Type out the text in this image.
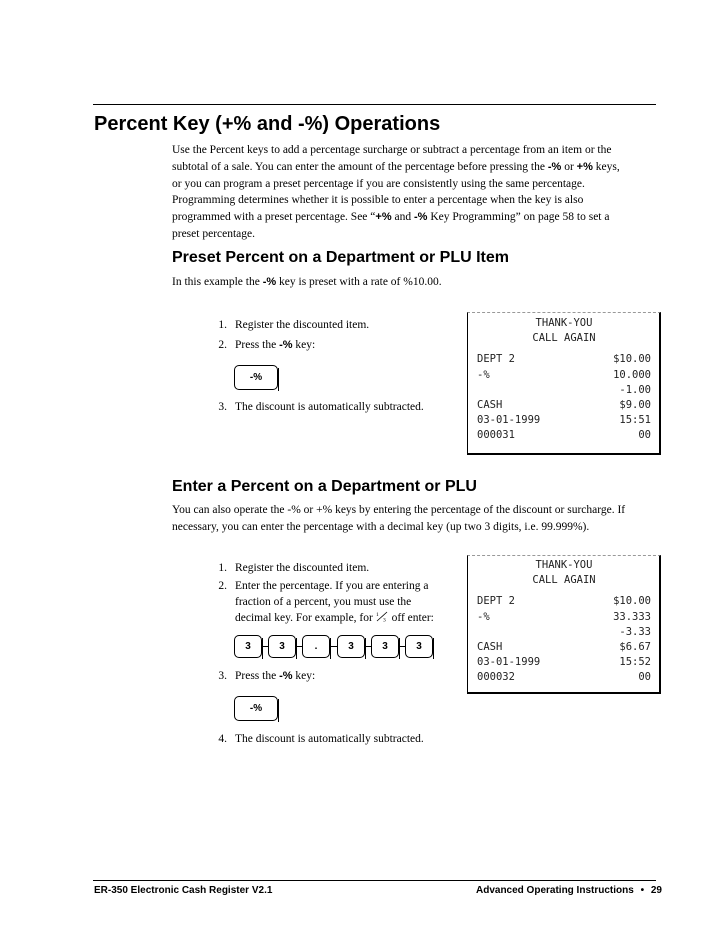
Percent Key (+% and -%) Operations
Use the Percent keys to add a percentage surcharge or subtract a percentage from an item or the
subtotal of a sale. You can enter the amount of the percentage before pressing the -% or +% keys,
or you can program a preset percentage if you are consistently using the same percentage.
Programming determines whether it is possible to enter a percentage when the key is also
programmed with a preset percentage. See “+% and -% Key Programming” on page 58 to set a
preset percentage.
Preset Percent on a Department or PLU Item
In this example the -% key is preset with a rate of %10.00.
1. Register the discounted item.
2. Press the -% key:
-%
3. The discount is automatically subtracted.
THANK-YOU
CALL AGAIN
DEPT 2	$10.00
-%	10.000
-1.00
CASH	$9.00
03-01-1999	15:51
000031	00
Enter a Percent on a Department or PLU
You can also operate the -% or +% keys by entering the percentage of the discount or surcharge. If
necessary, you can enter the percentage with a decimal key (up two 3 digits, i.e. 99.999%).
1. Register the discounted item.
2. Enter the percentage. If you are entering a
fraction of a percent, you must use the
decimal key. For example, for 1
3 off enter:
3	3	.	3	3	3
3. Press the -% key:
-%
4. The discount is automatically subtracted.
THANK-YOU
CALL AGAIN
DEPT 2	$10.00
-%	33.333
-3.33
CASH	$6.67
03-01-1999	15:52
000032	00
ER-350 Electronic Cash Register V2.1	Advanced Operating Instructions • 29
